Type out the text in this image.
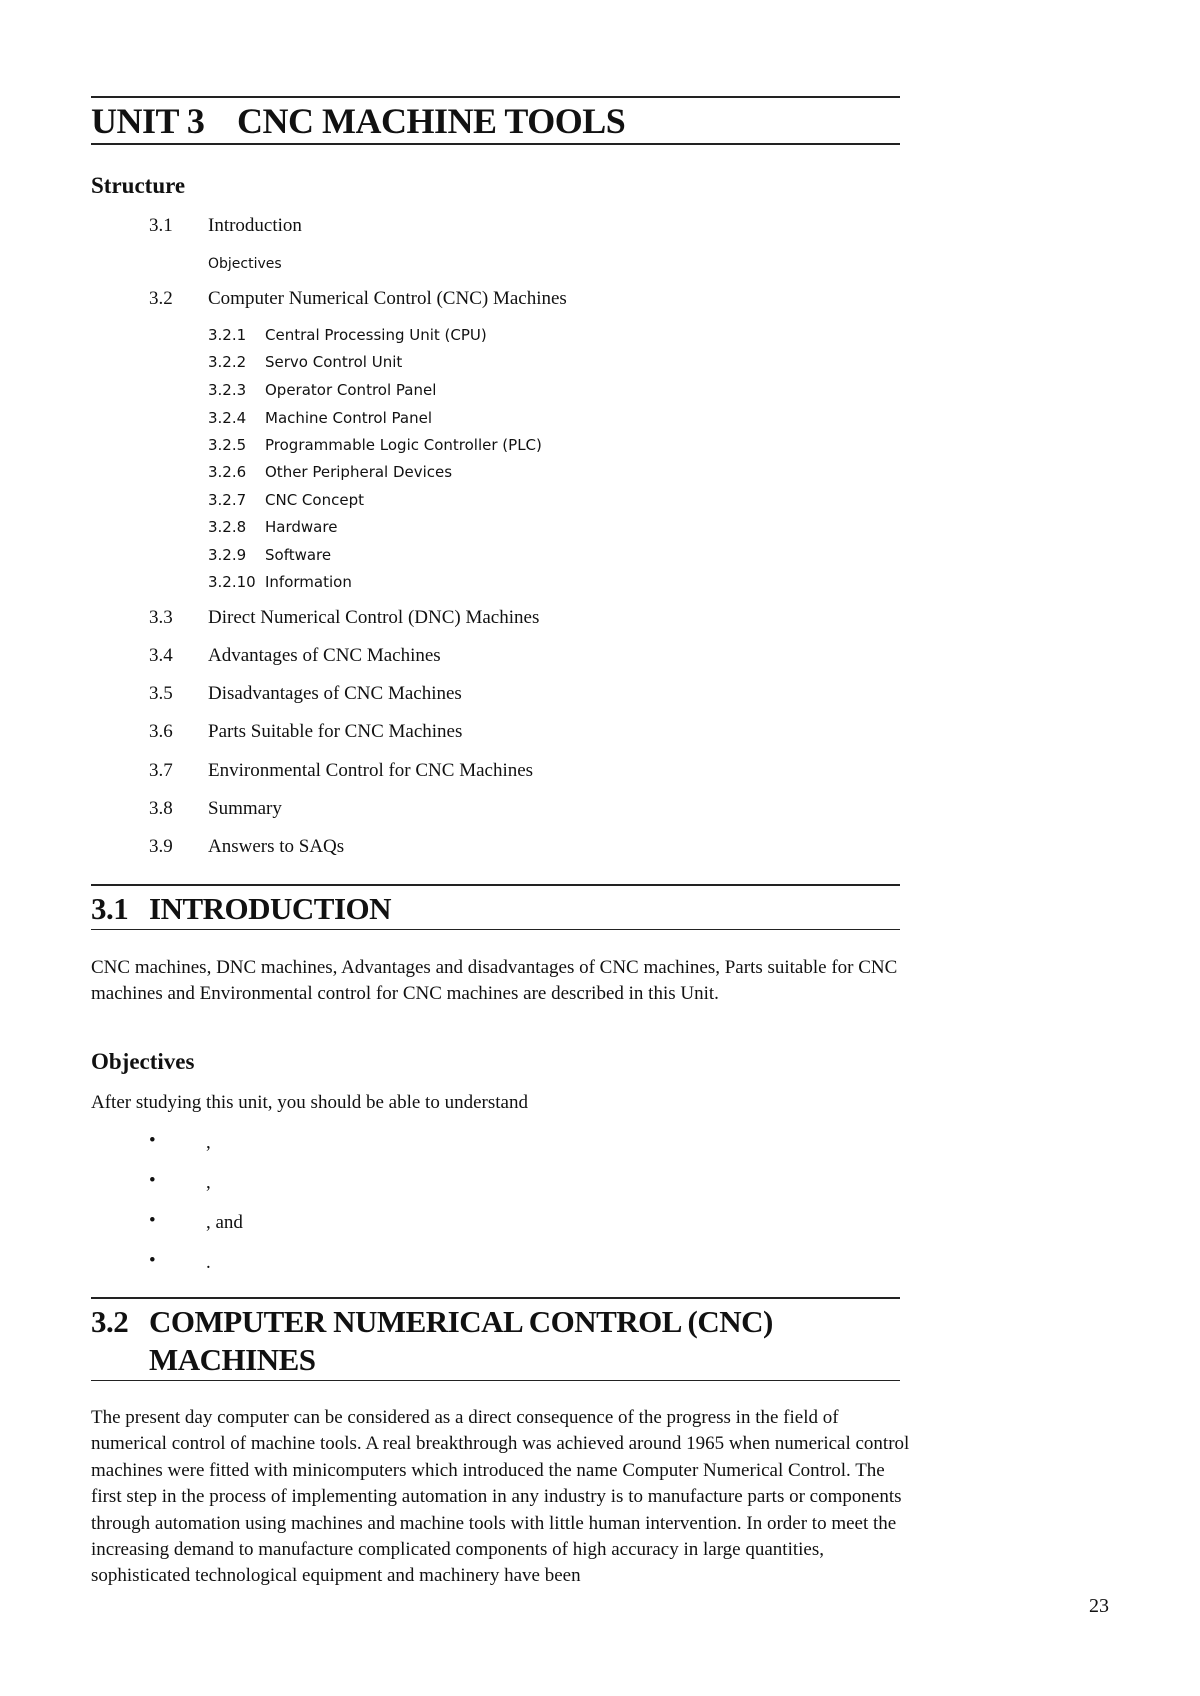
UNIT 3 CNC MACHINE TOOLS
Structure
3.1 Introduction
Objectives
3.2 Computer Numerical Control (CNC) Machines
3.2.1 Central Processing Unit (CPU)
3.2.2 Servo Control Unit
3.2.3 Operator Control Panel
3.2.4 Machine Control Panel
3.2.5 Programmable Logic Controller (PLC)
3.2.6 Other Peripheral Devices
3.2.7 CNC Concept
3.2.8 Hardware
3.2.9 Software
3.2.10 Information
3.3 Direct Numerical Control (DNC) Machines
3.4 Advantages of CNC Machines
3.5 Disadvantages of CNC Machines
3.6 Parts Suitable for CNC Machines
3.7 Environmental Control for CNC Machines
3.8 Summary
3.9 Answers to SAQs
3.1 INTRODUCTION
CNC machines, DNC machines, Advantages and disadvantages of CNC machines, Parts suitable for CNC machines and Environmental control for CNC machines are described in this Unit.
Objectives
After studying this unit, you should be able to understand
•	,
•	,
•	, and
•	.
3.2 COMPUTER NUMERICAL CONTROL (CNC)
MACHINES
The present day computer can be considered as a direct consequence of the progress in the field of numerical control of machine tools. A real breakthrough was achieved around 1965 when numerical control machines were fitted with minicomputers which introduced the name Computer Numerical Control. The first step in the process of implementing automation in any industry is to manufacture parts or components through automation using machines and machine tools with little human intervention. In order to meet the increasing demand to manufacture complicated components of high accuracy in large quantities, sophisticated technological equipment and machinery have been
23
